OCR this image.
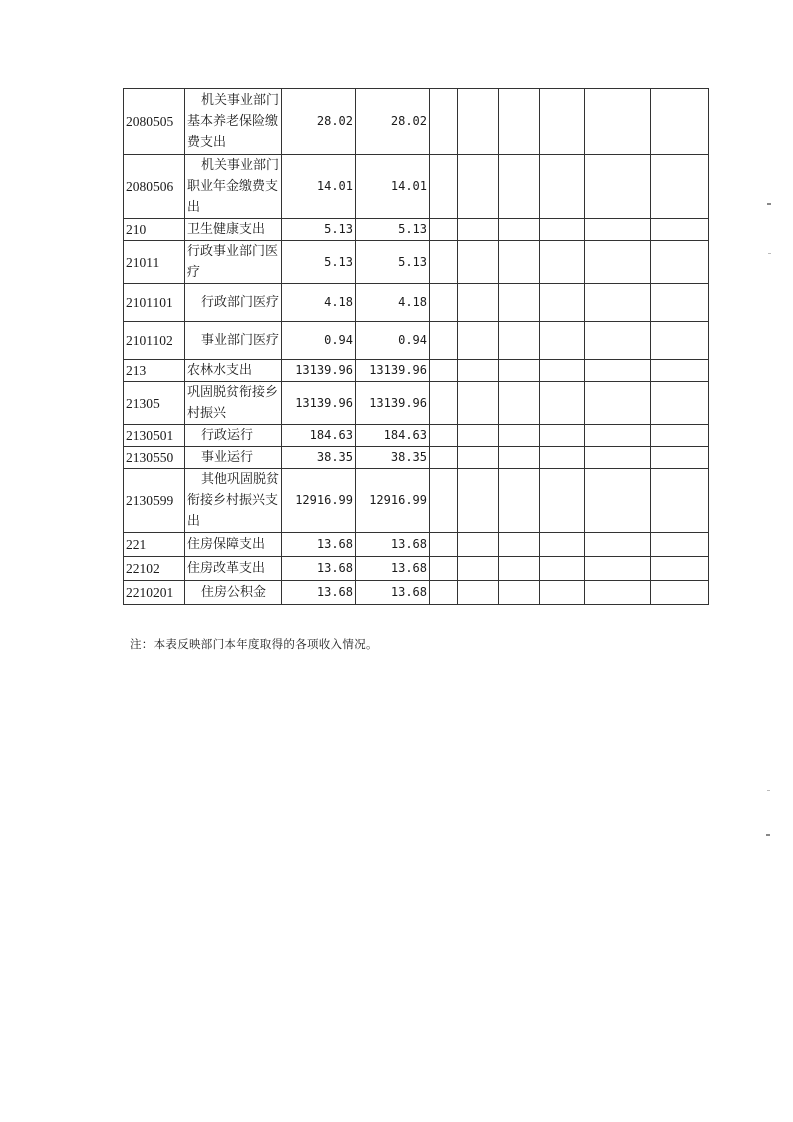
2080505	机关事业部门基本养老保险缴费支出	28.02	28.02						
2080506	机关事业部门职业年金缴费支出	14.01	14.01						
210	卫生健康支出	5.13	5.13						
21011	行政事业部门医疗	5.13	5.13						
2101101	行政部门医疗	4.18	4.18						
2101102	事业部门医疗	0.94	0.94						
213	农林水支出	13139.96	13139.96						
21305	巩固脱贫衔接乡村振兴	13139.96	13139.96						
2130501	行政运行	184.63	184.63						
2130550	事业运行	38.35	38.35						
2130599	其他巩固脱贫衔接乡村振兴支出	12916.99	12916.99						
221	住房保障支出	13.68	13.68						
22102	住房改革支出	13.68	13.68						
2210201	住房公积金	13.68	13.68						
注：本表反映部门本年度取得的各项收入情况。
